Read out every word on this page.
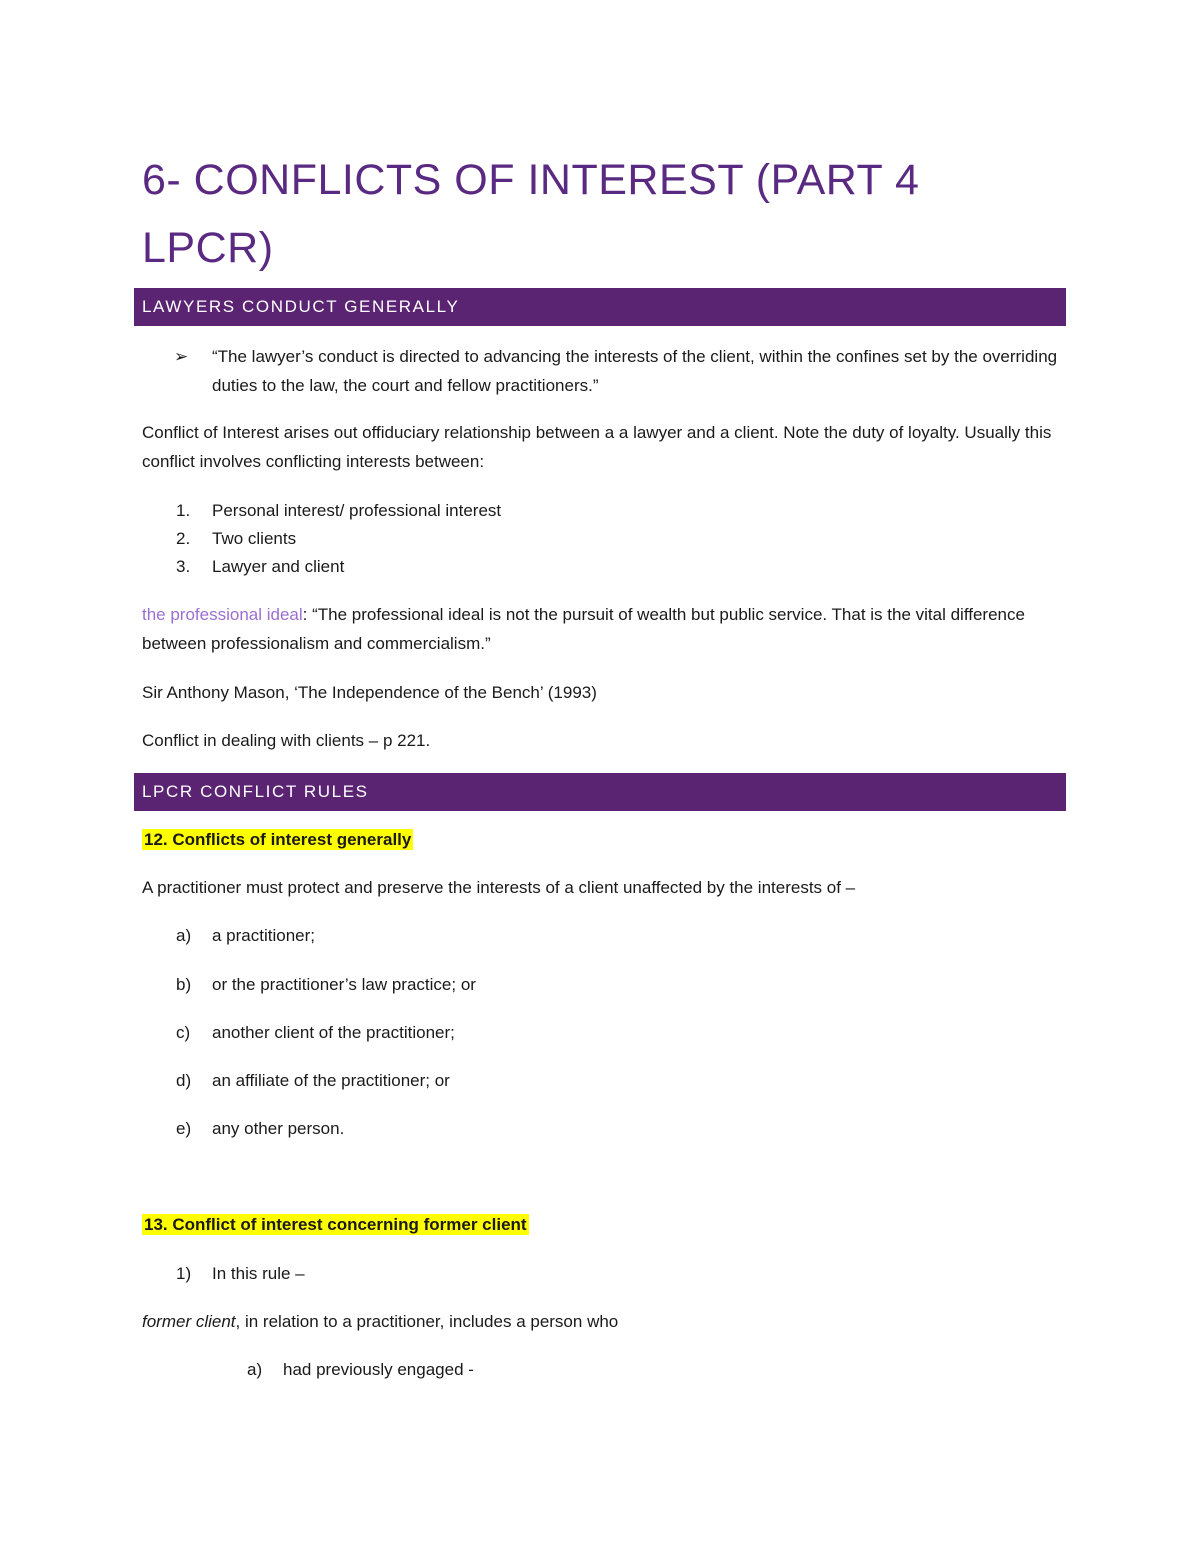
6- CONFLICTS OF INTEREST (PART 4 LPCR)
LAWYERS CONDUCT GENERALLY
➢ “The lawyer’s conduct is directed to advancing the interests of the client, within the confines set by the overriding duties to the law, the court and fellow practitioners.”
Conflict of Interest arises out offiduciary relationship between a a lawyer and a client. Note the duty of loyalty. Usually this conflict involves conflicting interests between:
1. Personal interest/ professional interest
2. Two clients
3. Lawyer and client
the professional ideal: “The professional ideal is not the pursuit of wealth but public service. That is the vital difference between professionalism and commercialism.”
Sir Anthony Mason, ‘The Independence of the Bench’ (1993)
Conflict in dealing with clients – p 221.
LPCR CONFLICT RULES
12. Conflicts of interest generally
A practitioner must protect and preserve the interests of a client unaffected by the interests of –
a) a practitioner;
b) or the practitioner’s law practice; or
c) another client of the practitioner;
d) an affiliate of the practitioner; or
e) any other person.
13. Conflict of interest concerning former client
1) In this rule –
former client, in relation to a practitioner, includes a person who
a) had previously engaged -
